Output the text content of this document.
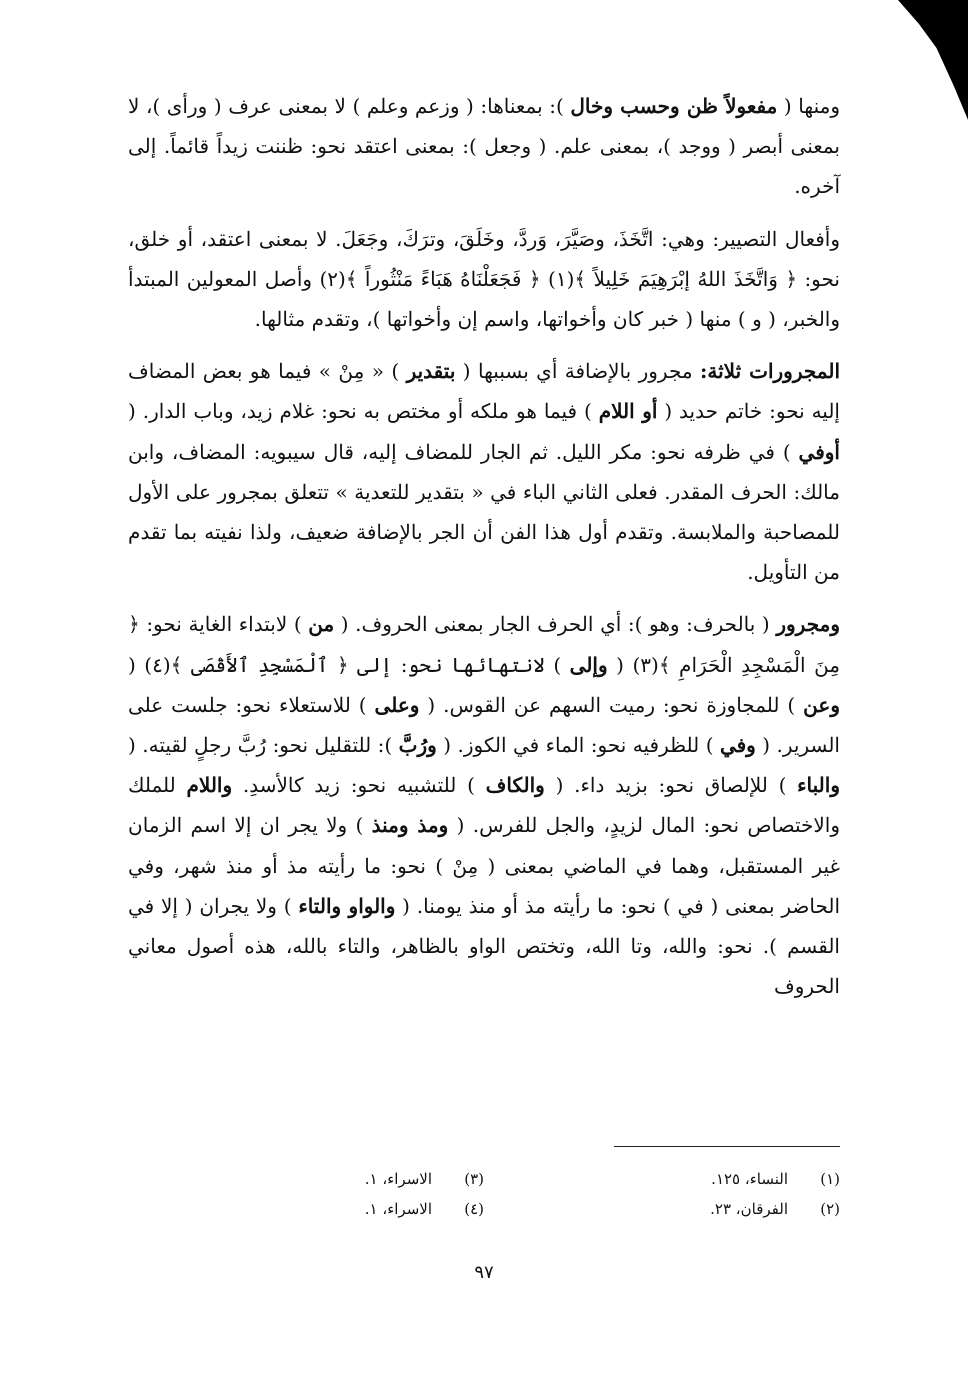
ومنها ( مفعولاً ظن وحسب وخال ): بمعناها: ( وزعم وعلم ) لا بمعنى عرف ( ورأى )، لا بمعنى أبصر ( ووجد )، بمعنى علم. ( وجعل ): بمعنى اعتقد نحو: ظننت زيداً قائماً. إلى آخره.

وأفعال التصيير: وهي: اتَّخَذَ، وصَيَّرَ، وَردَّ، وخَلَقَ، وترَكَ، وجَعَلَ. لا بمعنى اعتقد، أو خلق، نحو: ﴿ وَاتَّخَذَ اللهُ إبْرَهِيَمَ خَلِيلاً ﴾(١) ﴿ فَجَعَلْنَاهُ هَبَاءً مَنْثُوراً ﴾(٢) وأصل المعولين المبتدأ والخبر، ( و ) منها ( خبر كان وأخواتها، واسم إن وأخواتها )، وتقدم مثالها.

المجرورات ثلاثة: مجرور بالإضافة أي بسببها ( بتقدير ) « مِنْ » فيما هو بعض المضاف إليه نحو: خاتم حديد ( أو اللام ) فيما هو ملكه أو مختص به نحو: غلام زيد، وباب الدار. ( أوفي ) في ظرفه نحو: مكر الليل. ثم الجار للمضاف إليه، قال سيبويه: المضاف، وابن مالك: الحرف المقدر. فعلى الثاني الباء في « بتقدير للتعدية » تتعلق بمجرور على الأول للمصاحبة والملابسة. وتقدم أول هذا الفن أن الجر بالإضافة ضعيف، ولذا نفيته بما تقدم من التأويل.

ومجرور ( بالحرف: وهو ): أي الحرف الجار بمعنى الحروف. ( من ) لابتداء الغاية نحو: ﴿ مِنَ الْمَسْجِدِ الْحَرَامِ ﴾(٣) ( وإلى ) لانتهائها نحو: إلى ﴿ ٱلْمَسْجِدِ ٱلأَقْصَى ﴾(٤) ( وعن ) للمجاوزة نحو: رميت السهم عن القوس. ( وعلى ) للاستعلاء نحو: جلست على السرير. ( وفي ) للظرفيه نحو: الماء في الكوز. ( ورُبَّ ): للتقليل نحو: رُبَّ رجلٍ لقيته. ( والباء ) للإلصاق نحو: بزيد داء. ( والكاف ) للتشبيه نحو: زيد كالأسدِ. واللام للملك والاختصاص نحو: المال لزيدٍ، والجل للفرس. ( ومذ ومنذ ) ولا يجر ان إلا اسم الزمان غير المستقبل، وهما في الماضي بمعنى ( مِنْ ) نحو: ما رأيته مذ أو منذ شهر، وفي الحاضر بمعنى ( في ) نحو: ما رأيته مذ أو منذ يومنا. ( والواو والتاء ) ولا يجران ( إلا في القسم ). نحو: والله، وتا الله، وتختص الواو بالظاهر، والتاء بالله، هذه أصول معاني الحروف

(١)
النساء، ١٢٥.
(٣)
الاسراء، ١.
(٢)
الفرقان، ٢٣.
(٤)
الاسراء، ١.
٩٧
